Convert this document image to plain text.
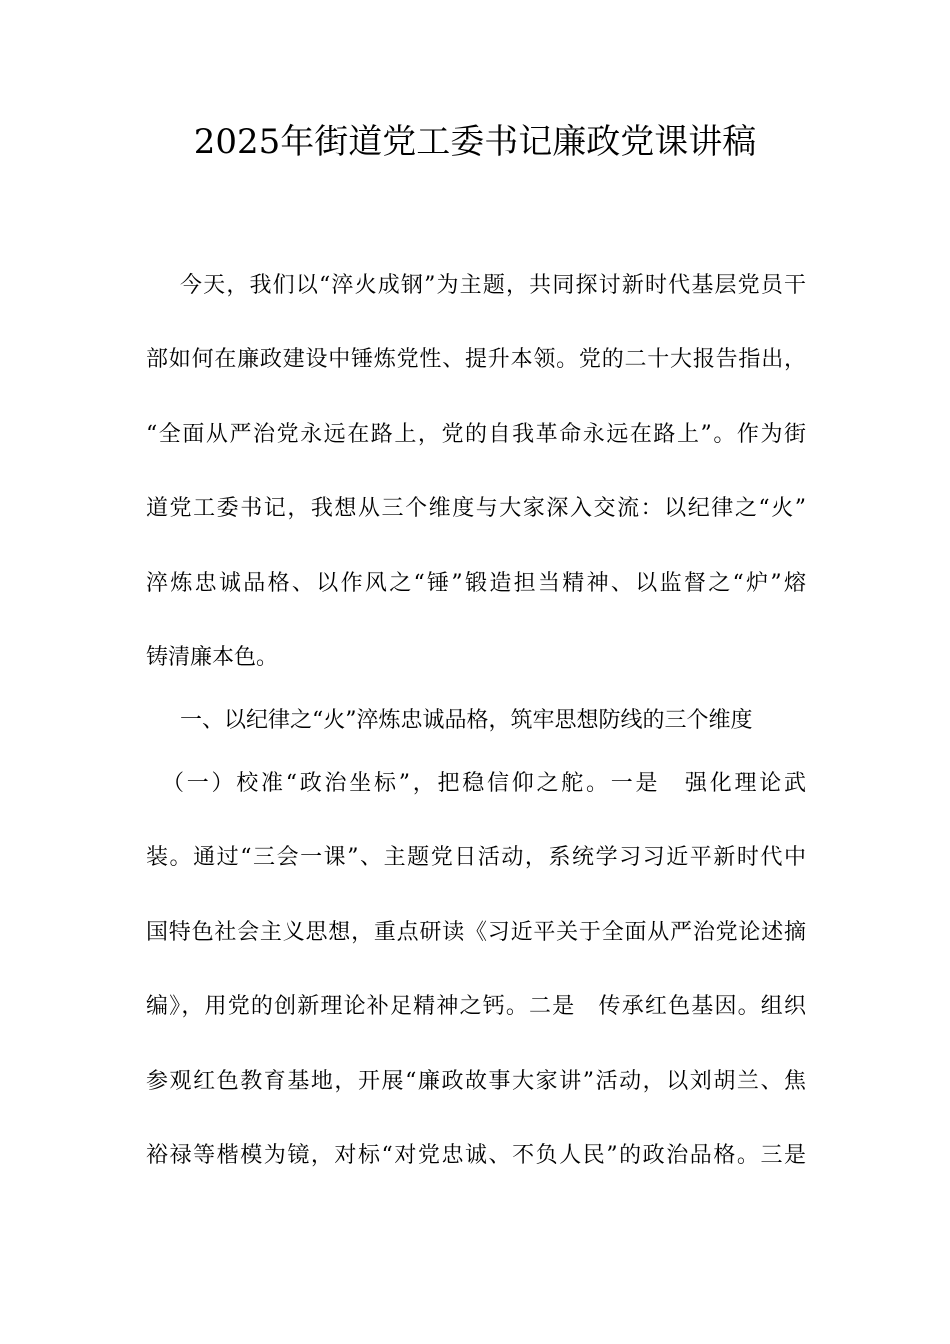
2025年街道党工委书记廉政党课讲稿
今天，我们以“淬火成钢”为主题，共同探讨新时代基层党员干
部如何在廉政建设中锤炼党性、提升本领。党的二十大报告指出，
“全面从严治党永远在路上，党的自我革命永远在路上”。作为街
道党工委书记，我想从三个维度与大家深入交流：以纪律之“火”
淬炼忠诚品格、以作风之“锤”锻造担当精神、以监督之“炉”熔
铸清廉本色。
一、以纪律之“火”淬炼忠诚品格，筑牢思想防线的三个维度
（一）校准“政治坐标”，把稳信仰之舵。一是　强化理论武
装。通过“三会一课”、主题党日活动，系统学习习近平新时代中
国特色社会主义思想，重点研读《习近平关于全面从严治党论述摘
编》，用党的创新理论补足精神之钙。二是　传承红色基因。组织
参观红色教育基地，开展“廉政故事大家讲”活动，以刘胡兰、焦
裕禄等楷模为镜，对标“对党忠诚、不负人民”的政治品格。三是
